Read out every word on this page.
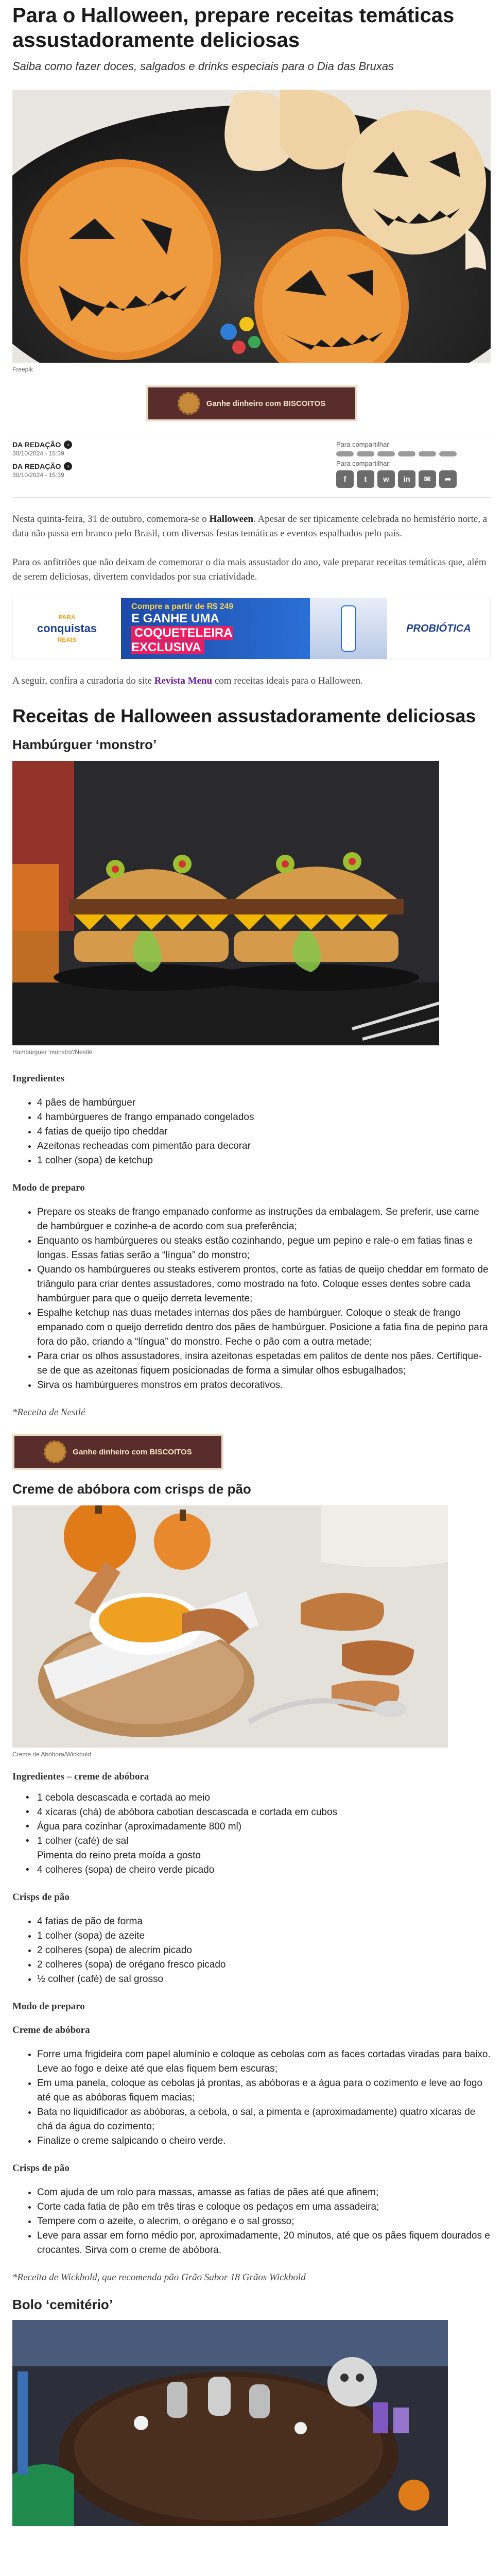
Para o Halloween, prepare receitas temáticas assustadoramente deliciosas

Saiba como fazer doces, salgados e drinks especiais para o Dia das Bruxas

Freepik
Ganhe dinheiro com BISCOITOS
DA REDAÇÃO	›
30/10/2024 - 15:39
DA REDAÇÃO	›
30/10/2024 - 15:39
Para compartilhar:
Para compartilhar:
f	t	w	in	✉	➦

Nesta quinta-feira, 31 de outubro, comemora-se o Halloween. Apesar de ser tipicamente celebrada no hemisfério norte, a data não passa em branco pelo Brasil, com diversas festas temáticas e eventos espalhados pelo país.

Para os anfitriões que não deixam de comemorar o dia mais assustador do ano, vale preparar receitas temáticas que, além de serem deliciosas, divertem convidados por sua criatividade.

PARA
conquistas
REAIS
Compre a partir de R$ 249
E GANHE UMA
COQUETELEIRA EXCLUSIVA
PROBIÓTICA

A seguir, confira a curadoria do site Revista Menu com receitas ideais para o Halloween.

Receitas de Halloween assustadoramente deliciosas
Hambúrguer ‘monstro’
Hambúrguer 'monstro'/Nestlé

Ingredientes

• 4 pães de hambúrguer
• 4 hambúrgueres de frango empanado congelados
• 4 fatias de queijo tipo cheddar
• Azeitonas recheadas com pimentão para decorar
• 1 colher (sopa) de ketchup

Modo de preparo

• Prepare os steaks de frango empanado conforme as instruções da embalagem. Se preferir, use carne de hambúrguer e cozinhe-a de acordo com sua preferência;
• Enquanto os hambúrgueres ou steaks estão cozinhando, pegue um pepino e rale-o em fatias finas e longas. Essas fatias serão a “língua” do monstro;
• Quando os hambúrgueres ou steaks estiverem prontos, corte as fatias de queijo cheddar em formato de triângulo para criar dentes assustadores, como mostrado na foto. Coloque esses dentes sobre cada hambúrguer para que o queijo derreta levemente;
• Espalhe ketchup nas duas metades internas dos pães de hambúrguer. Coloque o steak de frango empanado com o queijo derretido dentro dos pães de hambúrguer. Posicione a fatia fina de pepino para fora do pão, criando a “língua” do monstro. Feche o pão com a outra metade;
• Para criar os olhos assustadores, insira azeitonas espetadas em palitos de dente nos pães. Certifique-se de que as azeitonas fiquem posicionadas de forma a simular olhos esbugalhados;
• Sirva os hambúrgueres monstros em pratos decorativos.

*Receita de Nestlé

Ganhe dinheiro com BISCOITOS
Creme de abóbora com crisps de pão
Creme de Abóbora/Wickbold

Ingredientes – creme de abóbora

• 1 cebola descascada e cortada ao meio
• 4 xícaras (chá) de abóbora cabotian descascada e cortada em cubos
• Água para cozinhar (aproximadamente 800 ml)
• 1 colher (café) de sal
Pimenta do reino preta moída a gosto
• 4 colheres (sopa) de cheiro verde picado

Crisps de pão

• 4 fatias de pão de forma
• 1 colher (sopa) de azeite
• 2 colheres (sopa) de alecrim picado
• 2 colheres (sopa) de orégano fresco picado
• ½ colher (café) de sal grosso

Modo de preparo

Creme de abóbora

• Forre uma frigideira com papel alumínio e coloque as cebolas com as faces cortadas viradas para baixo. Leve ao fogo e deixe até que elas fiquem bem escuras;
• Em uma panela, coloque as cebolas já prontas, as abóboras e a água para o cozimento e leve ao fogo até que as abóboras fiquem macias;
• Bata no liquidificador as abóboras, a cebola, o sal, a pimenta e (aproximadamente) quatro xícaras de chá da água do cozimento;
• Finalize o creme salpicando o cheiro verde.

Crisps de pão

• Com ajuda de um rolo para massas, amasse as fatias de pães até que afinem;
• Corte cada fatia de pão em três tiras e coloque os pedaços em uma assadeira;
• Tempere com o azeite, o alecrim, o orégano e o sal grosso;
• Leve para assar em forno médio por, aproximadamente, 20 minutos, até que os pães fiquem dourados e crocantes. Sirva com o creme de abóbora.

*Receita de Wickbold, que recomenda pão Grão Sabor 18 Grãos Wickbold

Bolo ‘cemitério’
